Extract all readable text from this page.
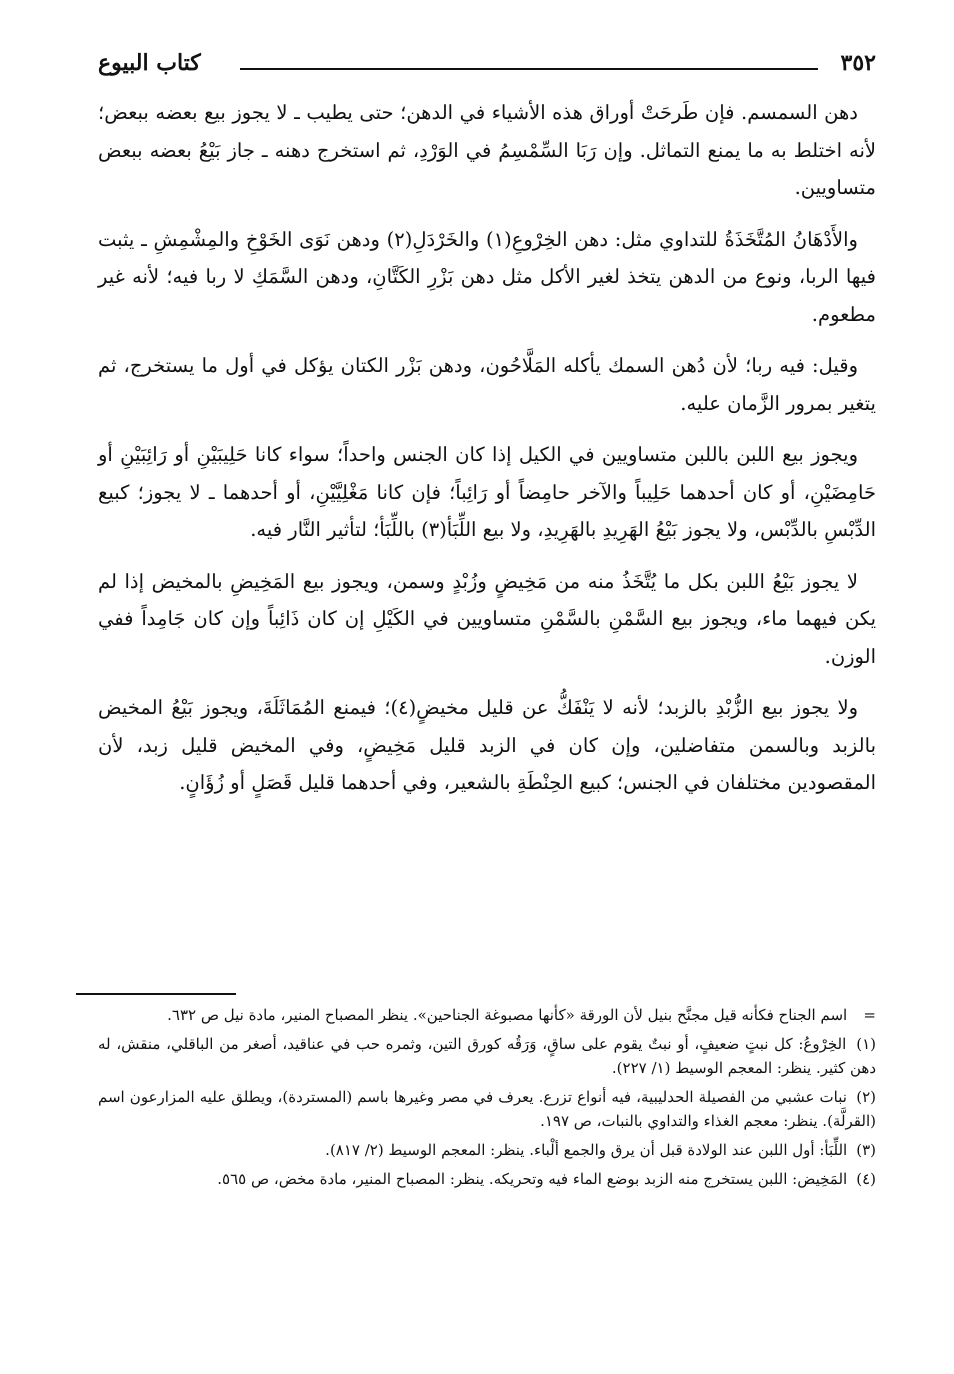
٣٥٢
كتاب البيوع

دهن السمسم. فإن طَرحَتْ أوراق هذه الأشياء في الدهن؛ حتى يطيب ـ لا يجوز بيع بعضه ببعض؛ لأنه اختلط به ما يمنع التماثل. وإن رَبَا السِّمْسِمُ في الوَرْدِ، ثم استخرج دهنه ـ جاز بَيْعُ بعضه ببعض متساويين.

والأَدْهَانُ المُتَّخَذَةُ للتداوي مثل: دهن الخِرْوعِ(١) والخَرْدَلِ(٢) ودهن نَوَى الخَوْخِ والمِشْمِشِ ـ يثبت فيها الربا، ونوع من الدهن يتخذ لغير الأكل مثل دهن بَزْرِ الكَتَّانِ، ودهن السَّمَكِ لا ربا فيه؛ لأنه غير مطعوم.

وقيل: فيه ربا؛ لأن دُهن السمك يأكله المَلَّاحُون، ودهن بَزْر الكتان يؤكل في أول ما يستخرج، ثم يتغير بمرور الزَّمان عليه.

ويجوز بيع اللبن باللبن متساويين في الكيل إذا كان الجنس واحداً؛ سواء كانا حَلِيبَيْنِ أو رَائِبَيْنِ أو حَامِضَيْنِ، أو كان أحدهما حَلِيباً والآخر حامِضاً أو رَائِباً؛ فإن كانا مَغْلِيَّيْنِ، أو أحدهما ـ لا يجوز؛ كبيع الدِّبْسِ بالدِّبْس، ولا يجوز بَيْعُ الهَرِيدِ بالهَرِيدِ، ولا بيع اللِّبَأ(٣) باللِّبَأ؛ لتأثير النَّار فيه.

لا يجوز بَيْعُ اللبن بكل ما يُتَّخَذُ منه من مَخِيضٍ وزُبْدٍ وسمن، ويجوز بيع المَخِيضِ بالمخيض إذا لم يكن فيهما ماء، ويجوز بيع السَّمْنِ بالسَّمْنِ متساويين في الكَيْلِ إن كان ذَائِباً وإن كان جَامِداً ففي الوزن.

ولا يجوز بيع الزُّبْدِ بالزبد؛ لأنه لا يَنْفَكُّ عن قليل مخيضٍ(٤)؛ فيمنع المُمَاثَلَةَ، ويجوز بَيْعُ المخيض بالزبد وبالسمن متفاضلين، وإن كان في الزبد قليل مَخِيضٍ، وفي المخيض قليل زبد، لأن المقصودين مختلفان في الجنس؛ كبيع الحِنْطَةِ بالشعير، وفي أحدهما قليل قَصَلٍ أو زُؤَانٍ.

= اسم الجناح فكأنه قيل مجنَّح بنيل لأن الورقة «كأنها مصبوغة الجناحين». ينظر المصباح المنير، مادة نيل ص ٦٣٢.

(١) الخِرْوعُ: كل نبتٍ ضعيفٍ، أو نبتٌ يقوم على ساقٍ، وَرَقُه كورق التين، وثمره حب في عناقيد، أصغر من الباقلي، منقش، له دهن كثير. ينظر: المعجم الوسيط (١/ ٢٢٧).

(٢) نبات عشبي من الفصيلة الحدليبية، فيه أنواع تزرع. يعرف في مصر وغيرها باسم (المستردة)، ويطلق عليه المزارعون اسم (القرلَّة). ينظر: معجم الغذاء والتداوي بالنبات، ص ١٩٧.

(٣) اللِّبَأ: أول اللبن عند الولادة قبل أن يرق والجمع ألْباء. ينظر: المعجم الوسيط (٢/ ٨١٧).

(٤) المَخِيض: اللبن يستخرج منه الزبد بوضع الماء فيه وتحريكه. ينظر: المصباح المنير، مادة مخض، ص ٥٦٥.
